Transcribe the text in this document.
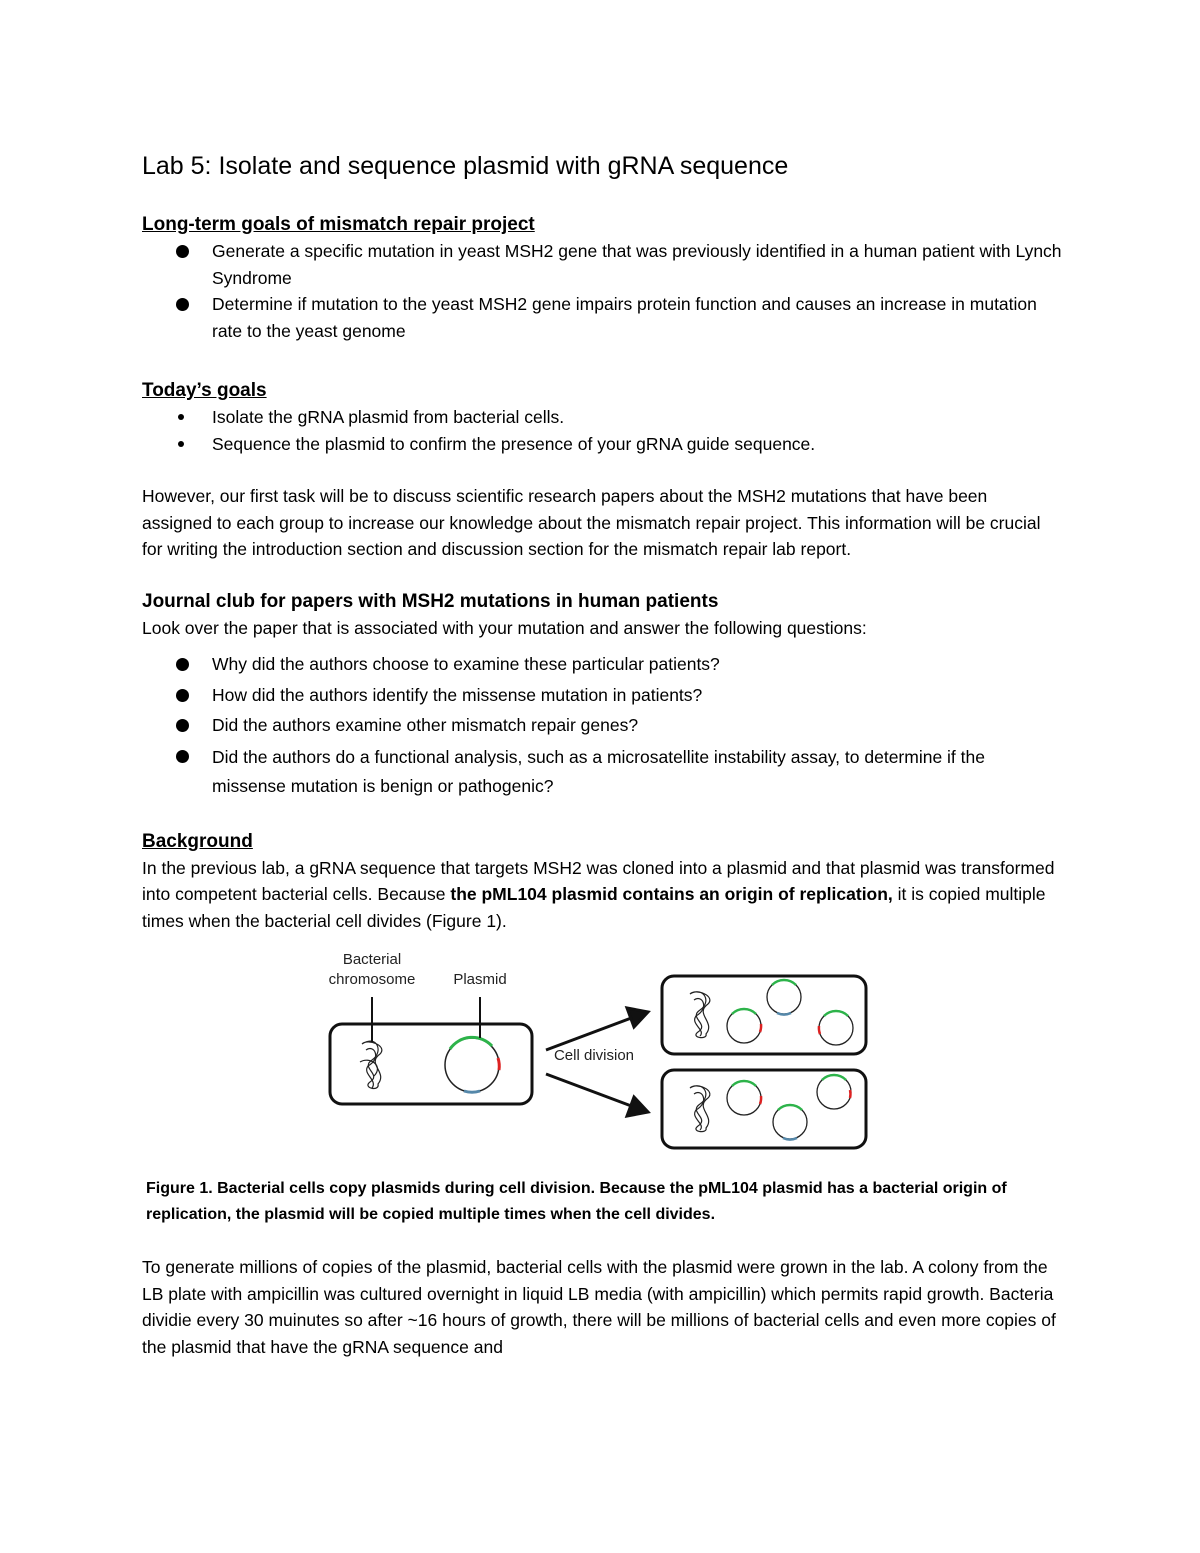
Lab 5: Isolate and sequence plasmid with gRNA sequence
Long-term goals of mismatch repair project
Generate a specific mutation in yeast MSH2 gene that was previously identified in a human patient with Lynch Syndrome
Determine if mutation to the yeast MSH2 gene impairs protein function and causes an increase in mutation rate to the yeast genome
Today’s goals
Isolate the gRNA plasmid from bacterial cells.
Sequence the plasmid to confirm the presence of your gRNA guide sequence.

However, our first task will be to discuss scientific research papers about the MSH2 mutations that have been assigned to each group to increase our knowledge about the mismatch repair project. This information will be crucial for writing the introduction section and discussion section for the mismatch repair lab report.

Journal club for papers with MSH2 mutations in human patients

Look over the paper that is associated with your mutation and answer the following questions:

Why did the authors choose to examine these particular patients?
How did the authors identify the missense mutation in patients?
Did the authors examine other mismatch repair genes?
Did the authors do a functional analysis, such as a microsatellite instability assay, to determine if the missense mutation is benign or pathogenic?
Background

In the previous lab, a gRNA sequence that targets MSH2 was cloned into a plasmid and that plasmid was transformed into competent bacterial cells. Because the pML104 plasmid contains an origin of replication, it is copied multiple times when the bacterial cell divides (Figure 1).

Bacterial chromosome	Plasmid
Cell division
Figure 1. Bacterial cells copy plasmids during cell division. Because the pML104 plasmid has a bacterial origin of replication, the plasmid will be copied multiple times when the cell divides.

To generate millions of copies of the plasmid, bacterial cells with the plasmid were grown in the lab. A colony from the LB plate with ampicillin was cultured overnight in liquid LB media (with ampicillin) which permits rapid growth. Bacteria dividie every 30 muinutes so after ~16 hours of growth, there will be millions of bacterial cells and even more copies of the plasmid that have the gRNA sequence and
